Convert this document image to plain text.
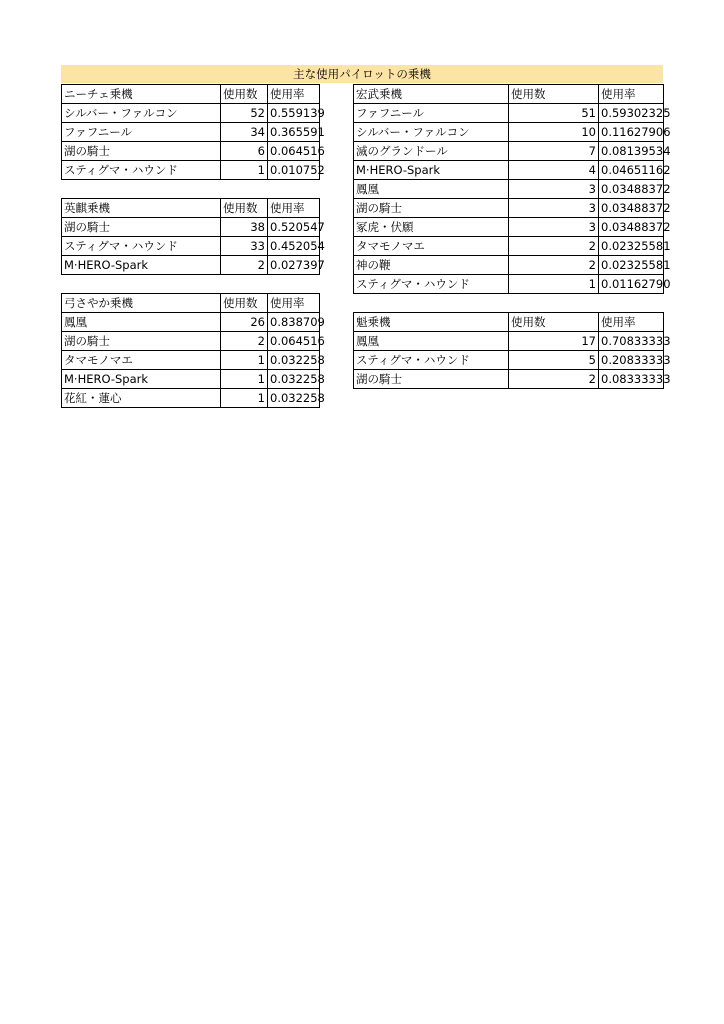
主な使用パイロットの乗機
ニーチェ乗機	使用数	使用率
シルバー・ファルコン	52	0.559139
ファフニール	34	0.365591
湖の騎士	6	0.064516
スティグマ・ハウンド	1	0.010752
英麒乗機	使用数	使用率
湖の騎士	38	0.520547
スティグマ・ハウンド	33	0.452054
M·HERO-Spark	2	0.027397
弓さやか乗機	使用数	使用率
鳳凰	26	0.838709
湖の騎士	2	0.064516
タマモノマエ	1	0.032258
M·HERO-Spark	1	0.032258
花紅・蓮心	1	0.032258
宏武乗機	使用数	使用率
ファフニール	51	0.59302325
シルバー・ファルコン	10	0.11627906
滅のグランドール	7	0.08139534
M·HERO-Spark	4	0.04651162
鳳凰	3	0.03488372
湖の騎士	3	0.03488372
冢虎・伏願	3	0.03488372
タマモノマエ	2	0.02325581
神の鞭	2	0.02325581
スティグマ・ハウンド	1	0.01162790
魁乗機	使用数	使用率
鳳凰	17	0.70833333
スティグマ・ハウンド	5	0.20833333
湖の騎士	2	0.08333333
